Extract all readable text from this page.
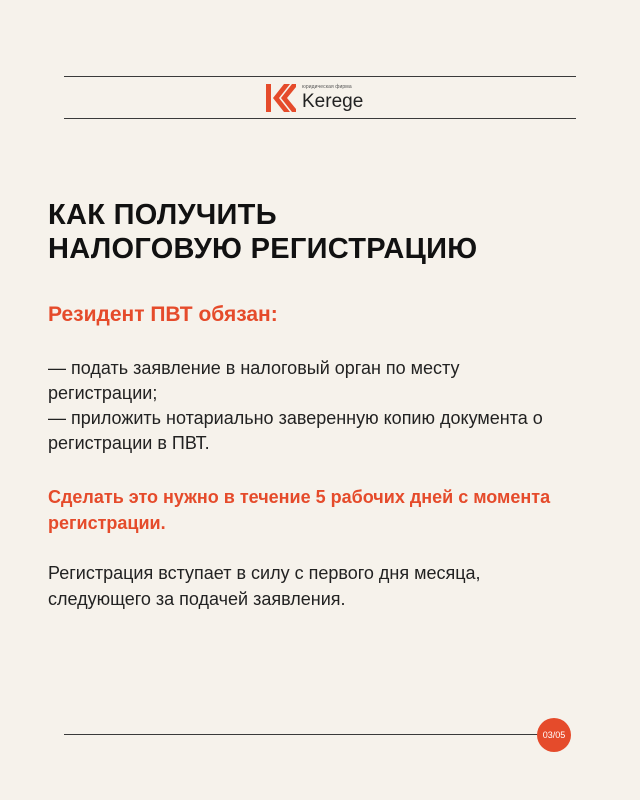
юридическая фирма
Kerege
КАК ПОЛУЧИТЬ
НАЛОГОВУЮ РЕГИСТРАЦИЮ

Резидент ПВТ обязан:

— подать заявление в налоговый орган по месту регистрации;
— приложить нотариально заверенную копию документа о регистрации в ПВТ.

Сделать это нужно в течение 5 рабочих дней с момента регистрации.

Регистрация вступает в силу с первого дня месяца, следующего за подачей заявления.

03/05
